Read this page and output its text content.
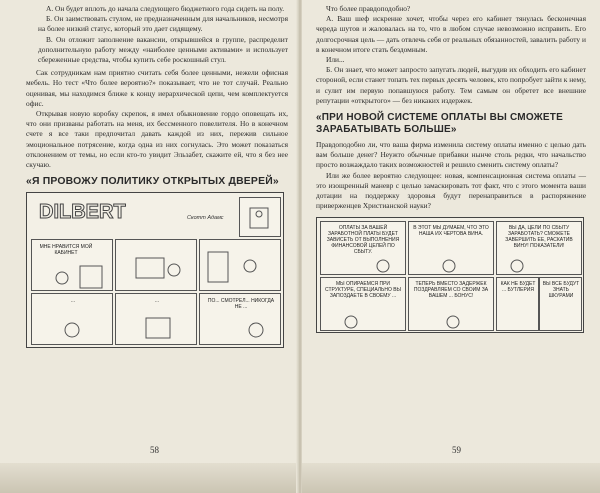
А. Он будет вплоть до начала следующего бюджетного года сидеть на полу.

Б. Он заимствовать стулом, не предназначенным для начальников, несмотря на более низкий статус, который это дает сидящему.

В. Он отложит заполнение вакансии, открывшейся в группе, распределит дополнительную работу между «наиболее ценными активами» и использует сбереженные средства, чтобы купить себе роскошный стул.

Сак сотрудникам нам приятно считать себя более ценными, нежели офисная мебель. Но тест «Что более вероятно?» показывает, что не тот случай. Реально оценивая, мы находимся ближе к концу иерархической цепи, чем комплектуется офис.

Открывая новую коробку скрепок, я имел обыкновение гордо оповещать их, что они призваны работать на меня, их бессменного повелителя. Но в конечном счете я все таки предпочитал давать каждой из них, пережив сильное эмоциональное потрясение, когда одна из них согнулась. Это может показаться отклонением от темы, но если кто-то увидит Эльзабет, скажите ей, что я без нее скучаю.

«Я ПРОВОЖУ ПОЛИТИКУ ОТКРЫТЫХ ДВЕРЕЙ»
DILBERT	Скотт Адамс
МНЕ НРАВИТСЯ МОЙ КАБИНЕТ
...	...	ПО... СМОТРЕЛ... НИКОГДА НЕ ...
58

Что более правдоподобно?

А. Ваш шеф искренне хочет, чтобы через его кабинет тянулась бесконечная череда шутов и жаловалась на то, что в любом случае невозможно исправить. Его долгосрочная цель — дать отвлечь себя от реальных обязанностей, завалить работу и в конечном итоге стать бездомным.

Или...

Б. Он знает, что может запросто запугать людей, выгудив их обходить его кабинет стороной, если станет топать тех первых десять человек, кто попробует зайти к нему, и сулит им первую попавшуюся работу. Тем самым он обретет все внешние репутации «открытого» — без никаких издержек.

«ПРИ НОВОЙ СИСТЕМЕ ОПЛАТЫ ВЫ СМОЖЕТЕ ЗАРАБАТЫВАТЬ БОЛЬШЕ»

Правдоподобно ли, что ваша фирма изменила систему оплаты именно с целью дать вам больше денег? Неужто обычные прибавки нынче столь редки, что начальство просто возжаждало таких возможностей и решило сменить систему оплаты?

Или же более вероятно следующее: новая, компенсационная система оплаты — это изощренный маневр с целью замаскировать тот факт, что с этого момента ваши дотации на поддержку здоровья будут перенаправиться в распоряжение приверженцев Христианской науки?

ОПЛАТЫ ЗА ВАШЕЙ ЗАРАБОТНОЙ ПЛАТЫ БУДЕТ ЗАВИСЕТЬ ОТ ВЫПОЛНЕНИЯ ФИНАНСОВОЙ ЦЕЛЕЙ ПО СБЫТУ.
В ЭТОТ МЫ ДУМАЕМ, ЧТО ЭТО НАША ИХ ЧЕРТОВА ВИНА.
ВЫ ДА, ЦЕЛИ ПО СБЫТУ ЗАРАБОТАТЬ? СМОЖЕТЕ ЗАВЕРШИТЬ ЕЕ, РАСКАТИВ ВИНУ! ПОКАЗАТЕЛИ!
МЫ ОПИРАЕМСЯ ПРИ СТРУКТУРЕ, СПЕЦИАЛЬНО ВЫ ЗАПОЗДАЕТЕ В СВОЕМУ ...
ТЕПЕРЬ ВМЕСТО ЗАДЕРЖЕК ПОЗДРАВЛЯЕМ СО СВОИМ ЗА ВАШЕМ ... БОНУС!
КАК НЕ БУДЕТ ... БУТЛЕРИЯ
ВЫ ВСЕ БУДУТ ЗНАТЬ ШКУРАМИ
59
